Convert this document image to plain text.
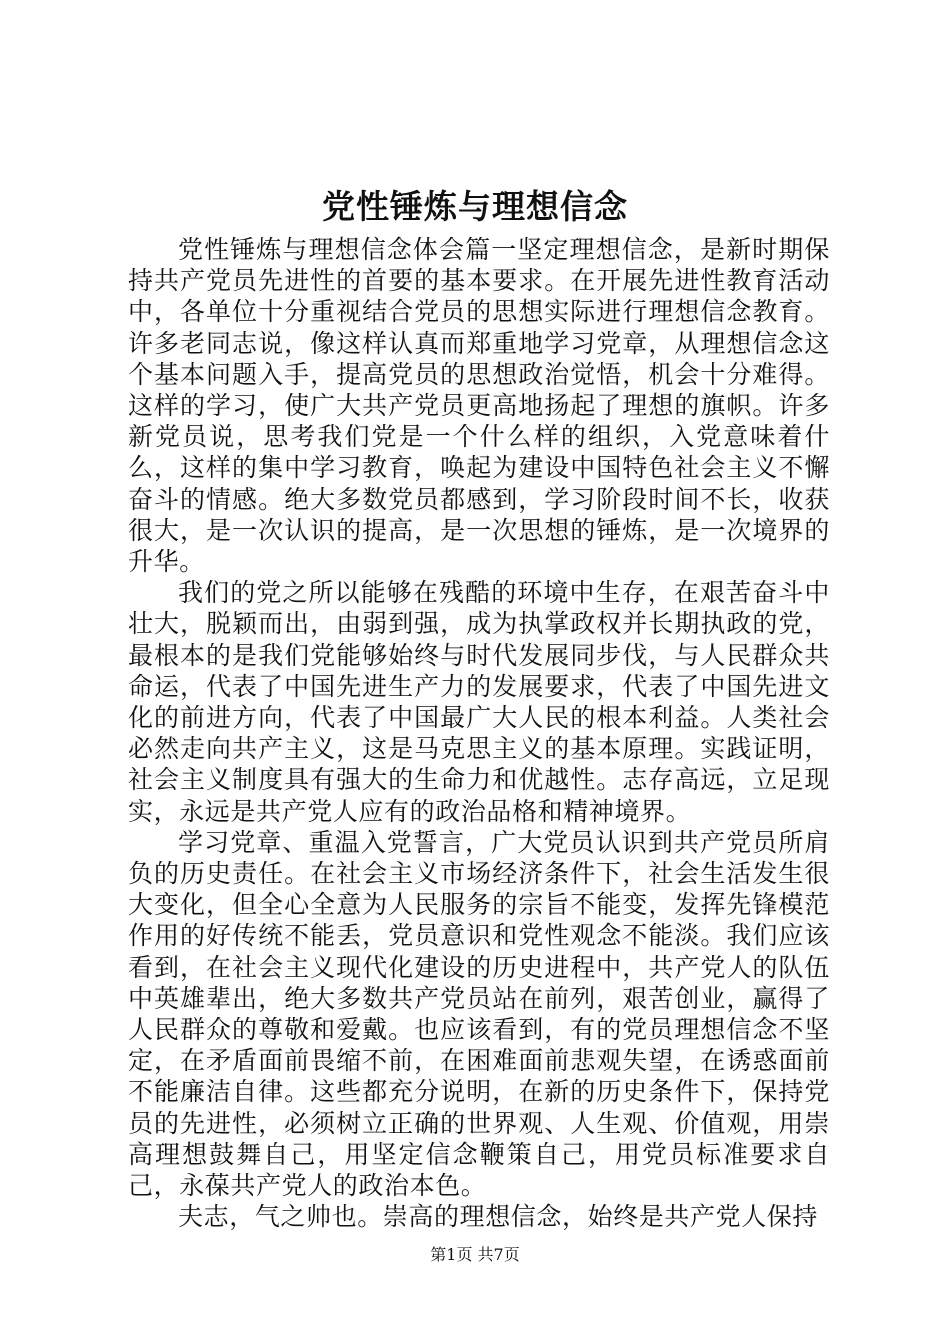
党性锤炼与理想信念

党性锤炼与理想信念体会篇一坚定理想信念，是新时期保持共产党员先进性的首要的基本要求。在开展先进性教育活动中，各单位十分重视结合党员的思想实际进行理想信念教育。许多老同志说，像这样认真而郑重地学习党章，从理想信念这个基本问题入手，提高党员的思想政治觉悟，机会十分难得。这样的学习，使广大共产党员更高地扬起了理想的旗帜。许多新党员说，思考我们党是一个什么样的组织，入党意味着什么，这样的集中学习教育，唤起为建设中国特色社会主义不懈奋斗的情感。绝大多数党员都感到，学习阶段时间不长，收获很大，是一次认识的提高，是一次思想的锤炼，是一次境界的升华。

我们的党之所以能够在残酷的环境中生存，在艰苦奋斗中壮大，脱颖而出，由弱到强，成为执掌政权并长期执政的党，最根本的是我们党能够始终与时代发展同步伐，与人民群众共命运，代表了中国先进生产力的发展要求，代表了中国先进文化的前进方向，代表了中国最广大人民的根本利益。人类社会必然走向共产主义，这是马克思主义的基本原理。实践证明，社会主义制度具有强大的生命力和优越性。志存高远，立足现实，永远是共产党人应有的政治品格和精神境界。

学习党章、重温入党誓言，广大党员认识到共产党员所肩负的历史责任。在社会主义市场经济条件下，社会生活发生很大变化，但全心全意为人民服务的宗旨不能变，发挥先锋模范作用的好传统不能丢，党员意识和党性观念不能淡。我们应该看到，在社会主义现代化建设的历史进程中，共产党人的队伍中英雄辈出，绝大多数共产党员站在前列，艰苦创业，赢得了人民群众的尊敬和爱戴。也应该看到，有的党员理想信念不坚定，在矛盾面前畏缩不前，在困难面前悲观失望，在诱惑面前不能廉洁自律。这些都充分说明，在新的历史条件下，保持党员的先进性，必须树立正确的世界观、人生观、价值观，用崇高理想鼓舞自己，用坚定信念鞭策自己，用党员标准要求自己，永葆共产党人的政治本色。

夫志，气之帅也。崇高的理想信念，始终是共产党人保持

第1页 共7页
